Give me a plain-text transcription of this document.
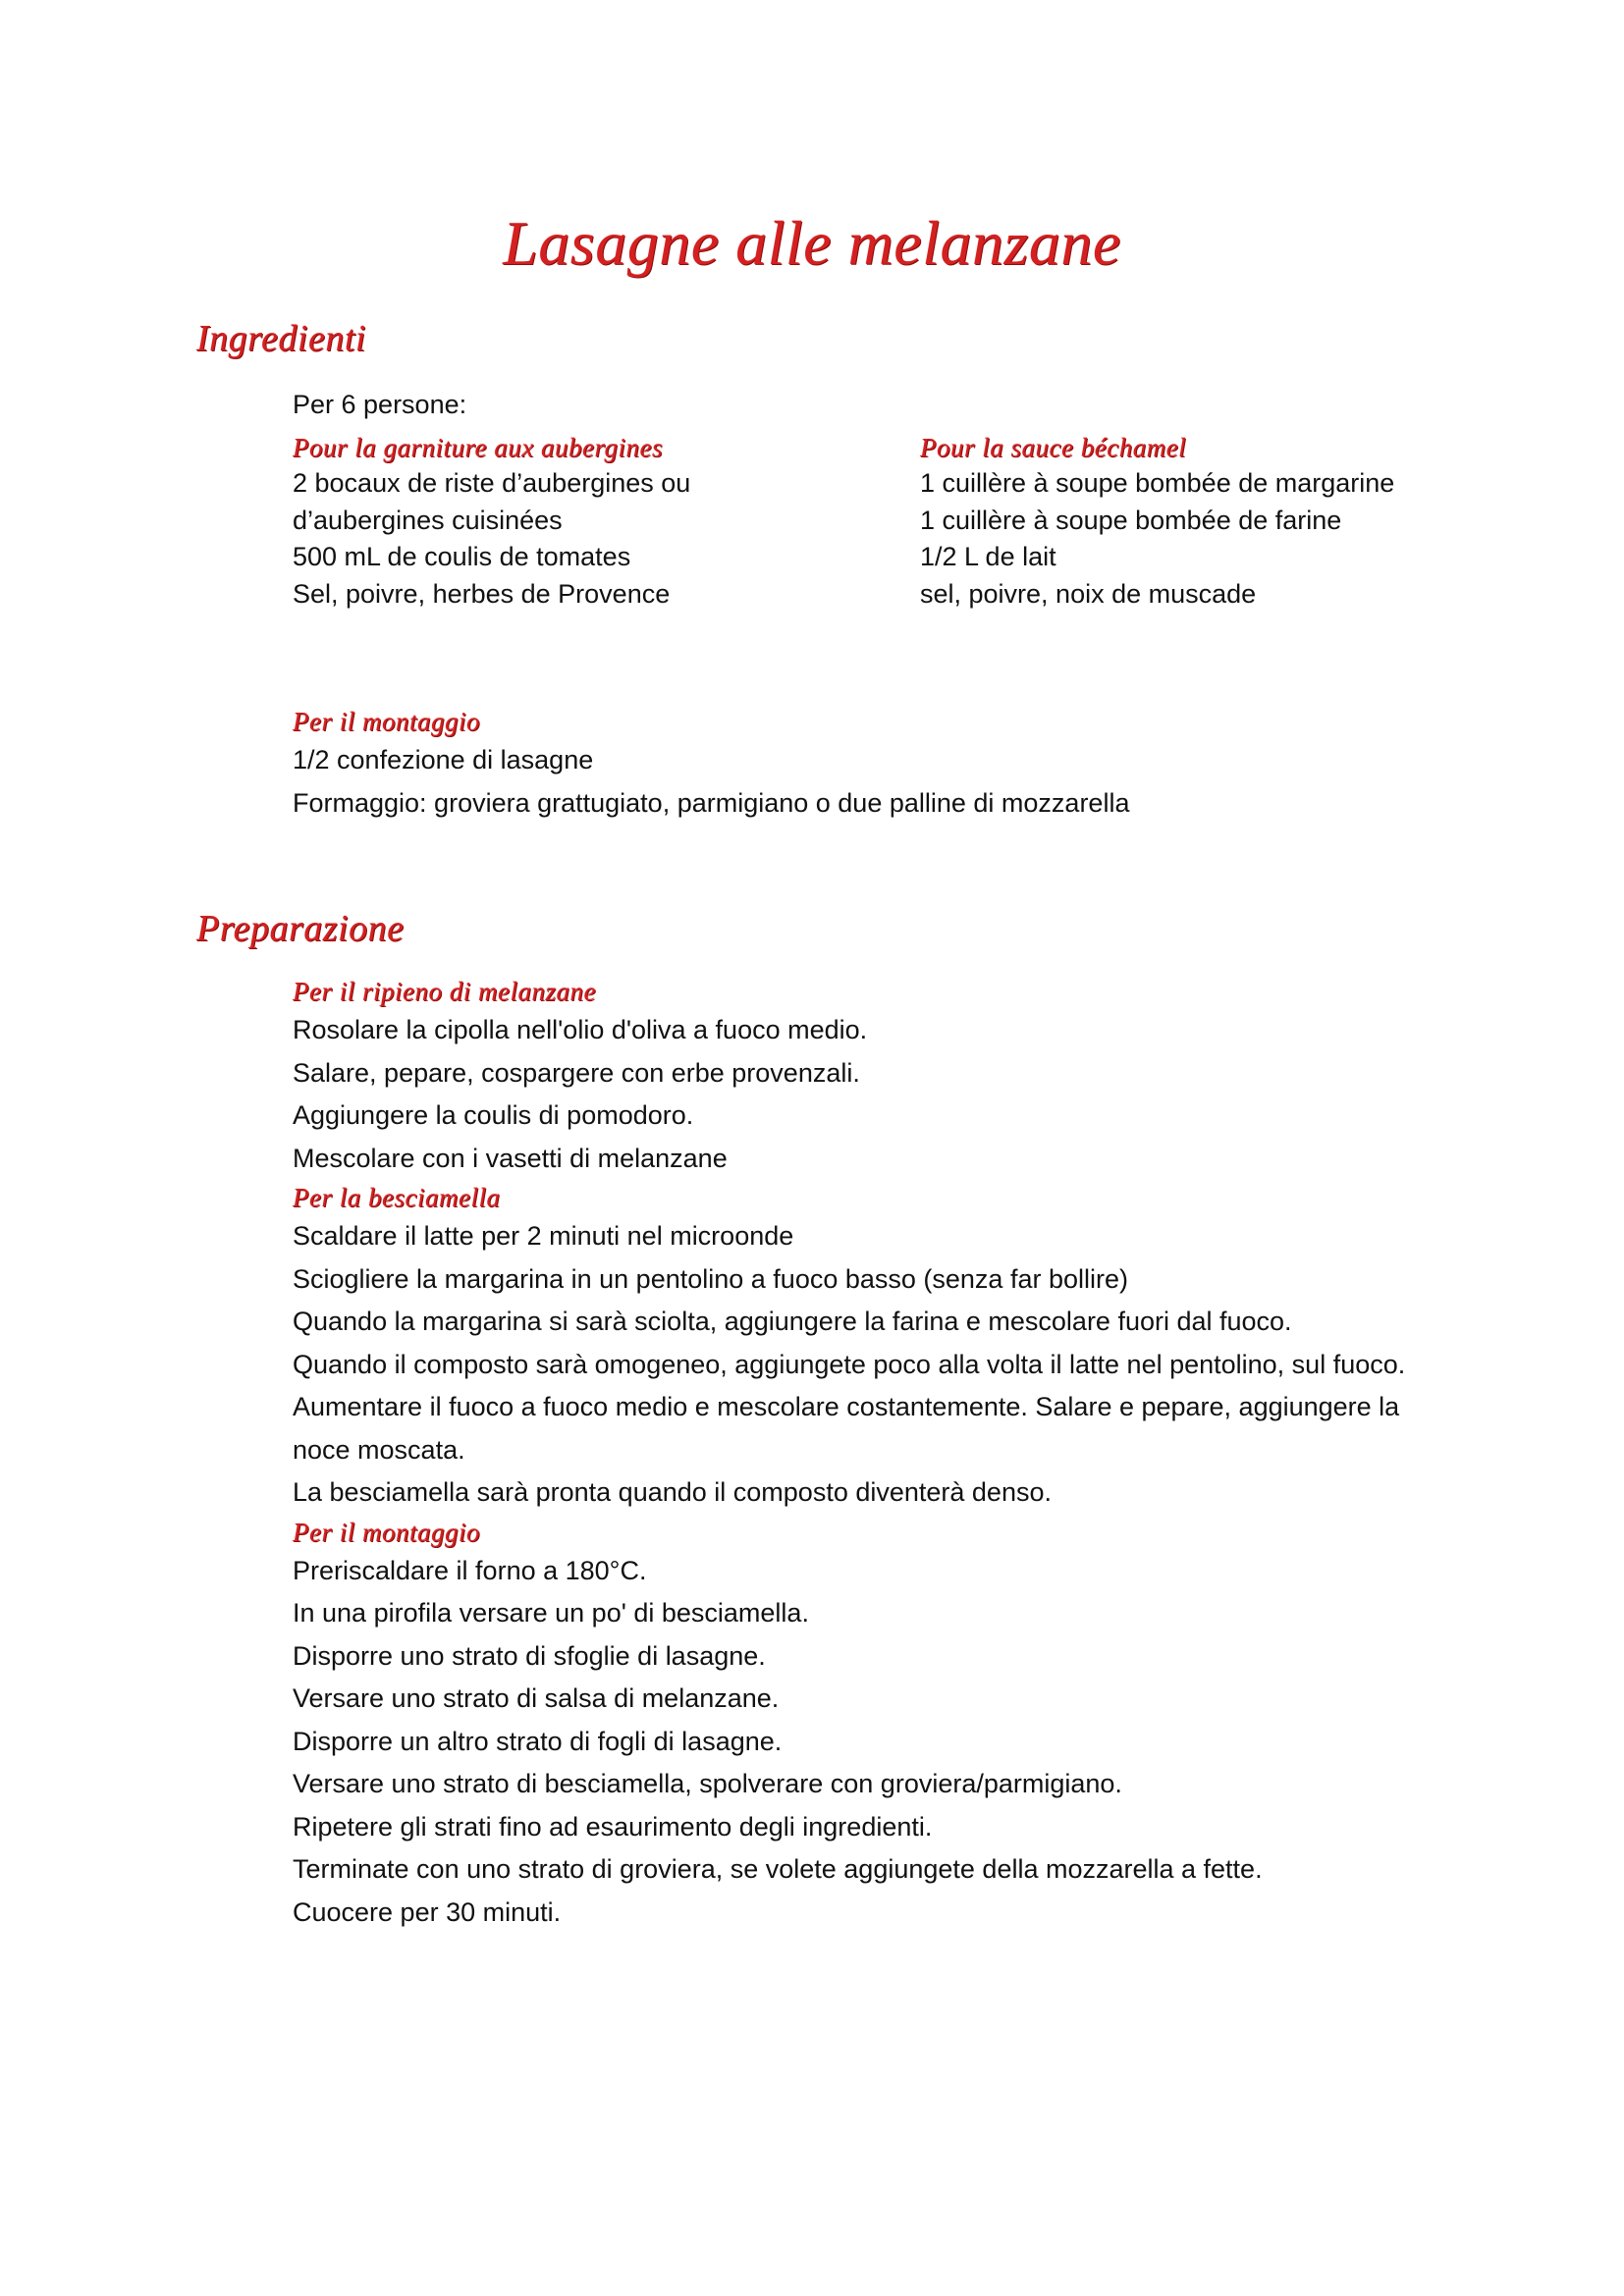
Lasagne alle melanzane
Ingredienti

Per 6 persone:

Pour la garniture aux aubergines

2 bocaux de riste d’aubergines ou

d’aubergines cuisinées

500 mL de coulis de tomates

Sel, poivre, herbes de Provence

Pour la sauce béchamel

1 cuillère à soupe bombée de margarine

1 cuillère à soupe bombée de farine

1/2 L de lait

sel, poivre, noix de muscade

Per il montaggio

1/2 confezione di lasagne

Formaggio: groviera grattugiato, parmigiano o due palline di mozzarella

Preparazione
Per il ripieno di melanzane

Rosolare la cipolla nell'olio d'oliva a fuoco medio.

Salare, pepare, cospargere con erbe provenzali.

Aggiungere la coulis di pomodoro.

Mescolare con i vasetti di melanzane

Per la besciamella

Scaldare il latte per 2 minuti nel microonde

Sciogliere la margarina in un pentolino a fuoco basso (senza far bollire)

Quando la margarina si sarà sciolta, aggiungere la farina e mescolare fuori dal fuoco.

Quando il composto sarà omogeneo, aggiungete poco alla volta il latte nel pentolino, sul fuoco.

Aumentare il fuoco a fuoco medio e mescolare costantemente. Salare e pepare, aggiungere la noce moscata.

La besciamella sarà pronta quando il composto diventerà denso.

Per il montaggio

Preriscaldare il forno a 180°C.

In una pirofila versare un po' di besciamella.

Disporre uno strato di sfoglie di lasagne.

Versare uno strato di salsa di melanzane.

Disporre un altro strato di fogli di lasagne.

Versare uno strato di besciamella, spolverare con groviera/parmigiano.

Ripetere gli strati fino ad esaurimento degli ingredienti.

Terminate con uno strato di groviera, se volete aggiungete della mozzarella a fette.

Cuocere per 30 minuti.
